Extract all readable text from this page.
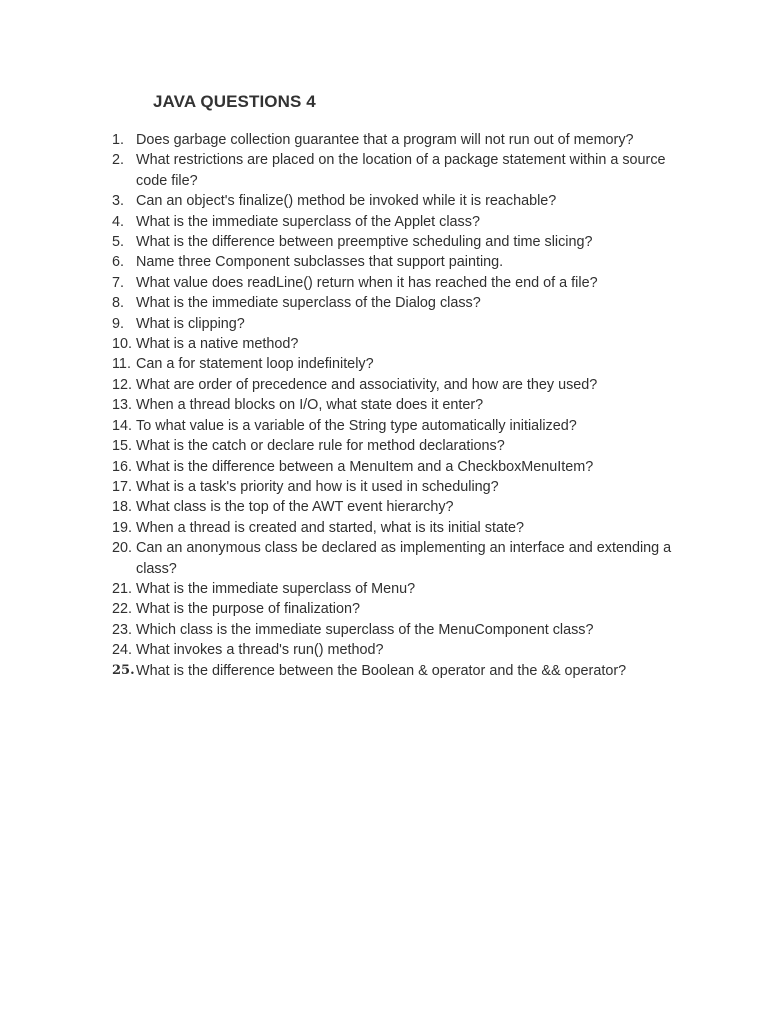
JAVA QUESTIONS 4
1. Does garbage collection guarantee that a program will not run out of memory?
2. What restrictions are placed on the location of a package statement within a source code file?
3. Can an object's finalize() method be invoked while it is reachable?
4. What is the immediate superclass of the Applet class?
5. What is the difference between preemptive scheduling and time slicing?
6. Name three Component subclasses that support painting.
7. What value does readLine() return when it has reached the end of a file?
8. What is the immediate superclass of the Dialog class?
9. What is clipping?
10. What is a native method?
11. Can a for statement loop indefinitely?
12. What are order of precedence and associativity, and how are they used?
13. When a thread blocks on I/O, what state does it enter?
14. To what value is a variable of the String type automatically initialized?
15. What is the catch or declare rule for method declarations?
16. What is the difference between a MenuItem and a CheckboxMenuItem?
17. What is a task's priority and how is it used in scheduling?
18. What class is the top of the AWT event hierarchy?
19. When a thread is created and started, what is its initial state?
20. Can an anonymous class be declared as implementing an interface and extending a class?
21. What is the immediate superclass of Menu?
22. What is the purpose of finalization?
23. Which class is the immediate superclass of the MenuComponent class?
24. What invokes a thread's run() method?
25. What is the difference between the Boolean & operator and the && operator?
